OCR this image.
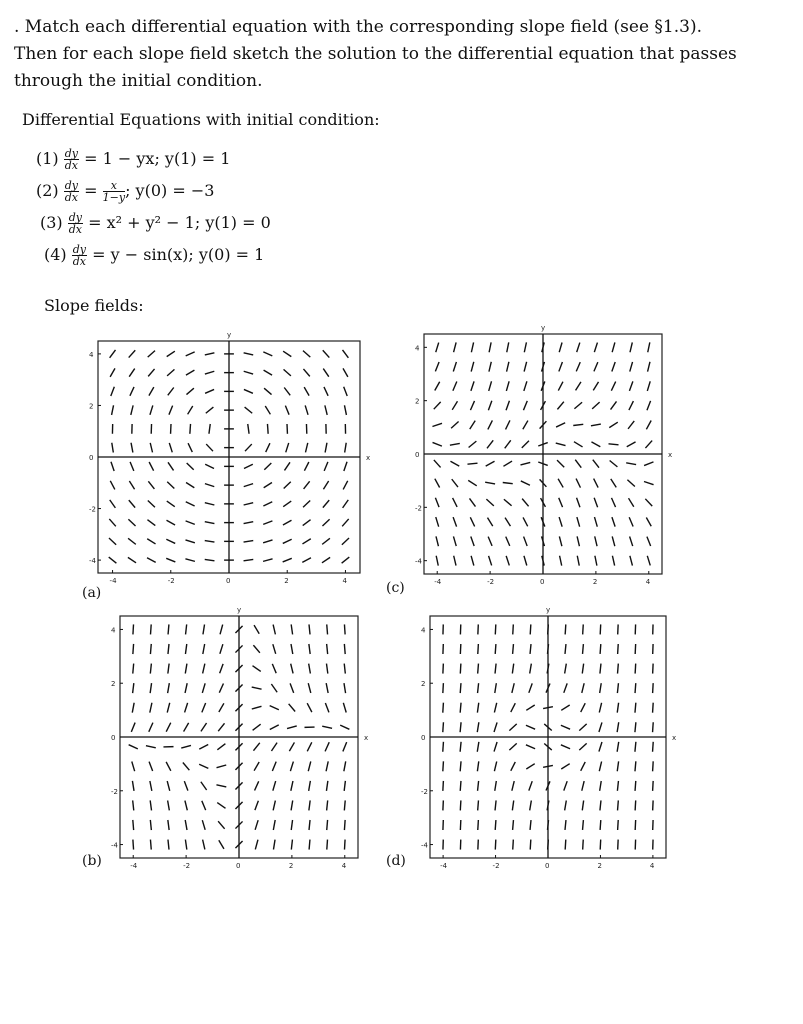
. Match each differential equation with the corresponding slope field (see §1.3). Then for each slope field sketch the solution to the differential equation that passes through the initial condition.
Differential Equations with initial condition:
$(1) \frac{dy}{dx} = 1$ − yx; y(1) = 1
$(2) \frac{dy}{dx} = \frac{x}{1-y}$ ; y(0) = −3
$(3) \frac{dy}{dx} = x^2 + y^2 - 1$; y(1) = 0
$(4) \frac{dy}{dx} = y - \sin(x)$; y(0) = 1
Slope fields:
y
x
-4
4
-2
2
0
0
2
-2
4
-4
(a)
y
x
-4
4
-2
2
0
0
2
-2
4
-4
(c)
y
x
-4
4
-2
2
0
0
2
-2
4
-4
(b)
y
x
-4
4
-2
2
0
0
2
-2
4
-4
(d)
